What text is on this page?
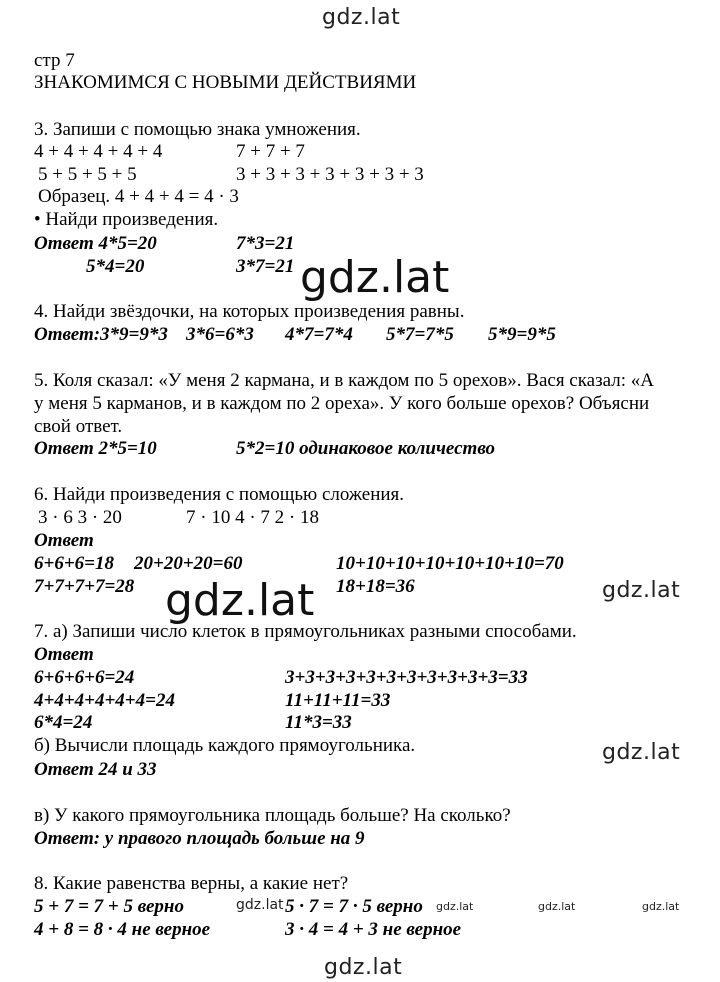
gdz.lat
gdz.lat
gdz.lat	gdz.lat
gdz.lat
gdz.lat	gdz.lat	gdz.lat	gdz.lat
gdz.lat
стр 7
ЗНАКОМИМСЯ С НОВЫМИ ДЕЙСТВИЯМИ
3. Запиши с помощью знака умножения.
4 + 4 + 4 + 4 + 4	7 + 7 + 7
5 + 5 + 5 + 5	3 + 3 + 3 + 3 + 3 + 3 + 3
Образец. 4 + 4 + 4 = 4 · 3
• Найди произведения.
Ответ 4*5=20	7*3=21
5*4=20	3*7=21
4. Найди звёздочки, на которых произведения равны.
Ответ:3*9=9*3 3*6=6*3 4*7=7*4 5*7=7*5 5*9=9*5
5. Коля сказал: «У меня 2 кармана, и в каждом по 5 орехов». Вася сказал: «А
у меня 5 карманов, и в каждом по 2 ореха». У кого больше орехов? Объясни
свой ответ.
Ответ 2*5=10	5*2=10 одинаковое количество
6. Найди произведения с помощью сложения.
3 · 6 3 · 20	7 · 10 4 · 7 2 · 18
Ответ
6+6+6=18 20+20+20=60	10+10+10+10+10+10+10=70
7+7+7+7=28	18+18=36
7. а) Запиши число клеток в прямоугольниках разными способами.
Ответ
6+6+6+6=24	3+3+3+3+3+3+3+3+3+3+3=33
4+4+4+4+4+4=24	11+11+11=33
6*4=24	11*3=33
б) Вычисли площадь каждого прямоугольника.
Ответ 24 и 33
в) У какого прямоугольника площадь больше? На сколько?
Ответ: у правого площадь больше на 9
8. Какие равенства верны, а какие нет?
5 + 7 = 7 + 5 верно	5 · 7 = 7 · 5 верно
4 + 8 = 8 · 4 не верное	3 · 4 = 4 + 3 не верное
